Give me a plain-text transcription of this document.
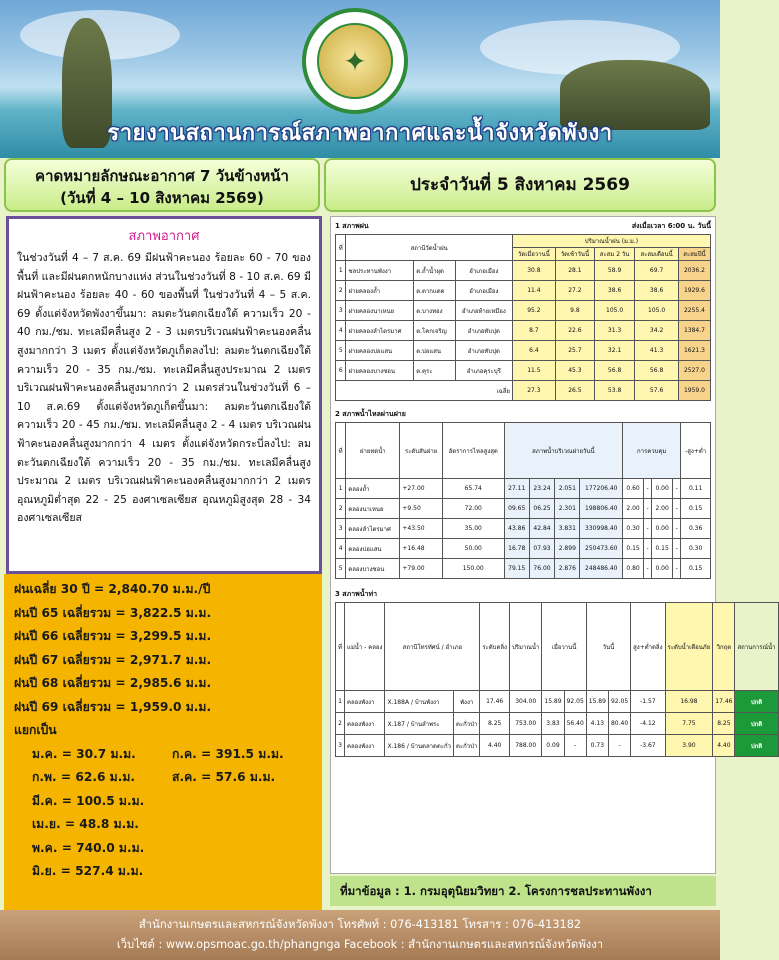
✦
รายงานสถานการณ์สภาพอากาศและน้ำจังหวัดพังงา
คาดหมายลักษณะอากาศ 7 วันข้างหน้า
(วันที่ 4 – 10 สิงหาคม 2569)
ประจำวันที่ 5 สิงหาคม 2569
สภาพอากาศ

ในช่วงวันที่ 4 – 7 ส.ค. 69 มีฝนฟ้าคะนอง ร้อยละ 60 - 70 ของพื้นที่ และมีฝนตกหนักบางแห่ง ส่วนในช่วงวันที่ 8 - 10 ส.ค. 69 มีฝนฟ้าคะนอง ร้อยละ 40 - 60 ของพื้นที่ ในช่วงวันที่ 4 – 5 ส.ค. 69 ตั้งแต่จังหวัดพังงาขึ้นมา: ลมตะวันตกเฉียงใต้ ความเร็ว 20 - 40 กม./ชม. ทะเลมีคลื่นสูง 2 - 3 เมตรบริเวณฝนฟ้าคะนองคลื่นสูงมากกว่า 3 เมตร ตั้งแต่จังหวัดภูเก็ตลงไป: ลมตะวันตกเฉียงใต้ ความเร็ว 20 - 35 กม./ชม. ทะเลมีคลื่นสูงประมาณ 2 เมตร บริเวณฝนฟ้าคะนองคลื่นสูงมากกว่า 2 เมตรส่วนในช่วงวันที่ 6 – 10 ส.ค.69 ตั้งแต่จังหวัดภูเก็ตขึ้นมา: ลมตะวันตกเฉียงใต้ความเร็ว 20 - 45 กม./ชม. ทะเลมีคลื่นสูง 2 - 4 เมตร บริเวณฝนฟ้าคะนองคลื่นสูงมากกว่า 4 เมตร ตั้งแต่จังหวัดกระบี่ลงไป: ลมตะวันตกเฉียงใต้ ความเร็ว 20 - 35 กม./ชม. ทะเลมีคลื่นสูงประมาณ 2 เมตร บริเวณฝนฟ้าคะนองคลื่นสูงมากกว่า 2 เมตรอุณหภูมิต่ำสุด 22 - 25 องศาเซลเซียส อุณหภูมิสูงสุด 28 - 34 องศาเซลเซียส

ฝนเฉลี่ย 30 ปี = 2,840.70 ม.ม./ปี
ฝนปี 65 เฉลี่ยรวม = 3,822.5 ม.ม.
ฝนปี 66 เฉลี่ยรวม = 3,299.5 ม.ม.
ฝนปี 67 เฉลี่ยรวม = 2,971.7 ม.ม.
ฝนปี 68 เฉลี่ยรวม = 2,985.6 ม.ม.
ฝนปี 69 เฉลี่ยรวม = 1,959.0 ม.ม.
แยกเป็น
ม.ค. = 30.7 ม.ม.	ก.ค. = 391.5 ม.ม.
ก.พ. = 62.6 ม.ม.	ส.ค. = 57.6 ม.ม.
มี.ค. = 100.5 ม.ม.
เม.ย. = 48.8 ม.ม.
พ.ค. = 740.0 ม.ม.
มิ.ย. = 527.4 ม.ม.
1 สภาพฝน	ส่งเมื่อเวลา 6:00 น. วันนี้
ที่	สถานีวัดน้ำฝน			ปริมาณน้ำฝน (ม.ม.)				
				วัดเมื่อวานนี้	วัดเช้าวันนี้	สะสม 2 วัน	สะสมเดือนนี้	สะสมปีนี้
1	ชลประทานพังงา	ต.ถ้ำน้ำผุด	อำเภอเมือง	30.8	28.1	58.9	69.7	2036.2
2	ฝายคลองถ้ำ	ต.ตากแดด	อำเภอเมือง	11.4	27.2	38.6	38.6	1929.6
3	ฝายคลองนาเหนย	ต.บางทอง	อำเภอท้ายเหมือง	95.2	9.8	105.0	105.0	2255.4
4	ฝายคลองลำไตรมาศ	ต.โคกเจริญ	อำเภอทับปุด	8.7	22.6	31.3	34.2	1384.7
5	ฝายคลองบ่อแสน	ต.บ่อแสน	อำเภอทับปุด	6.4	25.7	32.1	41.3	1621.3
6	ฝายคลองบางซอน	ต.คุระ	อำเภอคุระบุรี	11.5	45.3	56.8	56.8	2527.0
เฉลี่ย				27.3	26.5	53.8	57.6	1959.0
2 สภาพน้ำไหลผ่านฝาย
ที่	ฝายทดน้ำ	ระดับสันฝาย	อัตราการไหลสูงสุด	สภาพน้ำบริเวณฝายวันนี้				การควบคุม				-สูง+ต่ำ
1	คลองถ้ำ	+27.00	65.74	27.11	23.24	2.051	177206.40	0.60	-	0.00	-	0.11
2	คลองนาเหนย	+9.50	72.00	09.65	06.25	2.301	198806.40	2.00	-	2.00	-	0.15
3	คลองลำไตรมาศ	+43.50	35.00	43.86	42.84	3.831	330998.40	0.30	-	0.00	-	0.36
4	คลองบ่อแสน	+16.48	50.00	16.78	07.93	2.899	250473.60	0.15	-	0.15	-	0.30
5	คลองบางซอน	+79.00	150.00	79.15	76.00	2.876	248486.40	0.80	-	0.00	-	0.15
3 สภาพน้ำท่า
ที่	แม่น้ำ - คลอง	สถานีโทรทัศน์ / อำเภอ		ระดับตลิ่ง	ปริมาณน้ำ	เมื่อวานนี้		วันนี้		สูง+ต่ำตลิ่ง	ระดับน้ำเตือนภัย	วิกฤต	สถานการณ์น้ำ
1	คลองพังงา	X.188A / บ้านพังงา	พังงา	17.46	304.00	15.89	92.05	15.89	92.05	-1.57	16.98	17.46	ปกติ
2	คลองพังงา	X.187 / บ้านลำพระ	ตะกั่วป่า	8.25	753.00	3.83	56.40	4.13	80.40	-4.12	7.75	8.25	ปกติ
3	คลองพังงา	X.186 / บ้านตลาดตะกั่ว	ตะกั่วป่า	4.40	788.00	0.09	-	0.73	-	-3.67	3.90	4.40	ปกติ
ที่มาข้อมูล : 1. กรมอุตุนิยมวิทยา 2. โครงการชลประทานพังงา
สำนักงานเกษตรและสหกรณ์จังหวัดพังงา โทรศัพท์ : 076-413181 โทรสาร : 076-413182
เว็บไซต์ : www.opsmoac.go.th/phangnga Facebook : สำนักงานเกษตรและสหกรณ์จังหวัดพังงา
